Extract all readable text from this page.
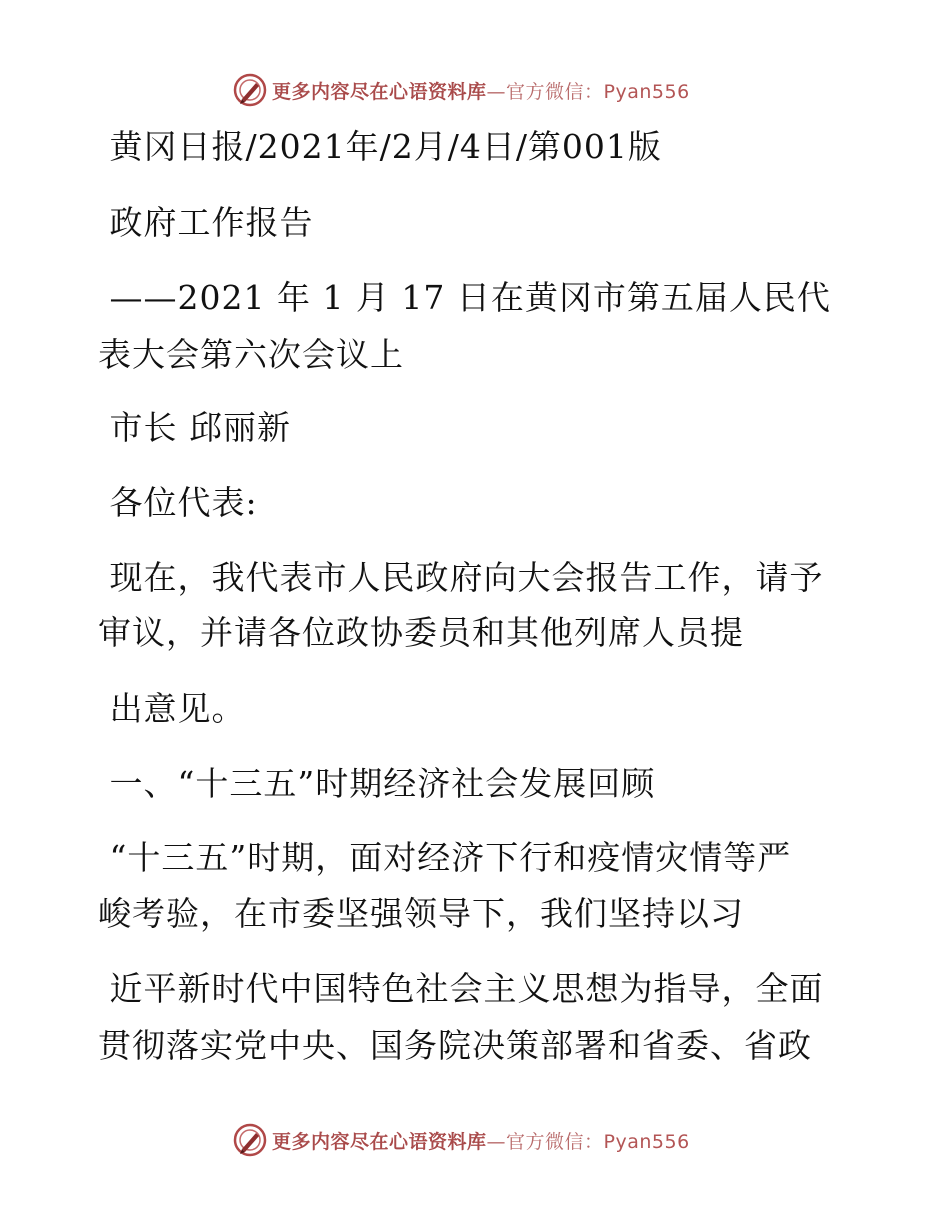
更多内容尽在心语资料库—官方微信：Pyan556
黄冈日报/2021年/2月/4日/第001版
政府工作报告
——2021 年 1 月 17 日在黄冈市第五届人民代
表大会第六次会议上
市长 邱丽新
各位代表:
现在，我代表市人民政府向大会报告工作，请予
审议，并请各位政协委员和其他列席人员提
出意见。
一、“十三五”时期经济社会发展回顾
“十三五”时期，面对经济下行和疫情灾情等严
峻考验，在市委坚强领导下，我们坚持以习
近平新时代中国特色社会主义思想为指导，全面
贯彻落实党中央、国务院决策部署和省委、省政
更多内容尽在心语资料库—官方微信：Pyan556
